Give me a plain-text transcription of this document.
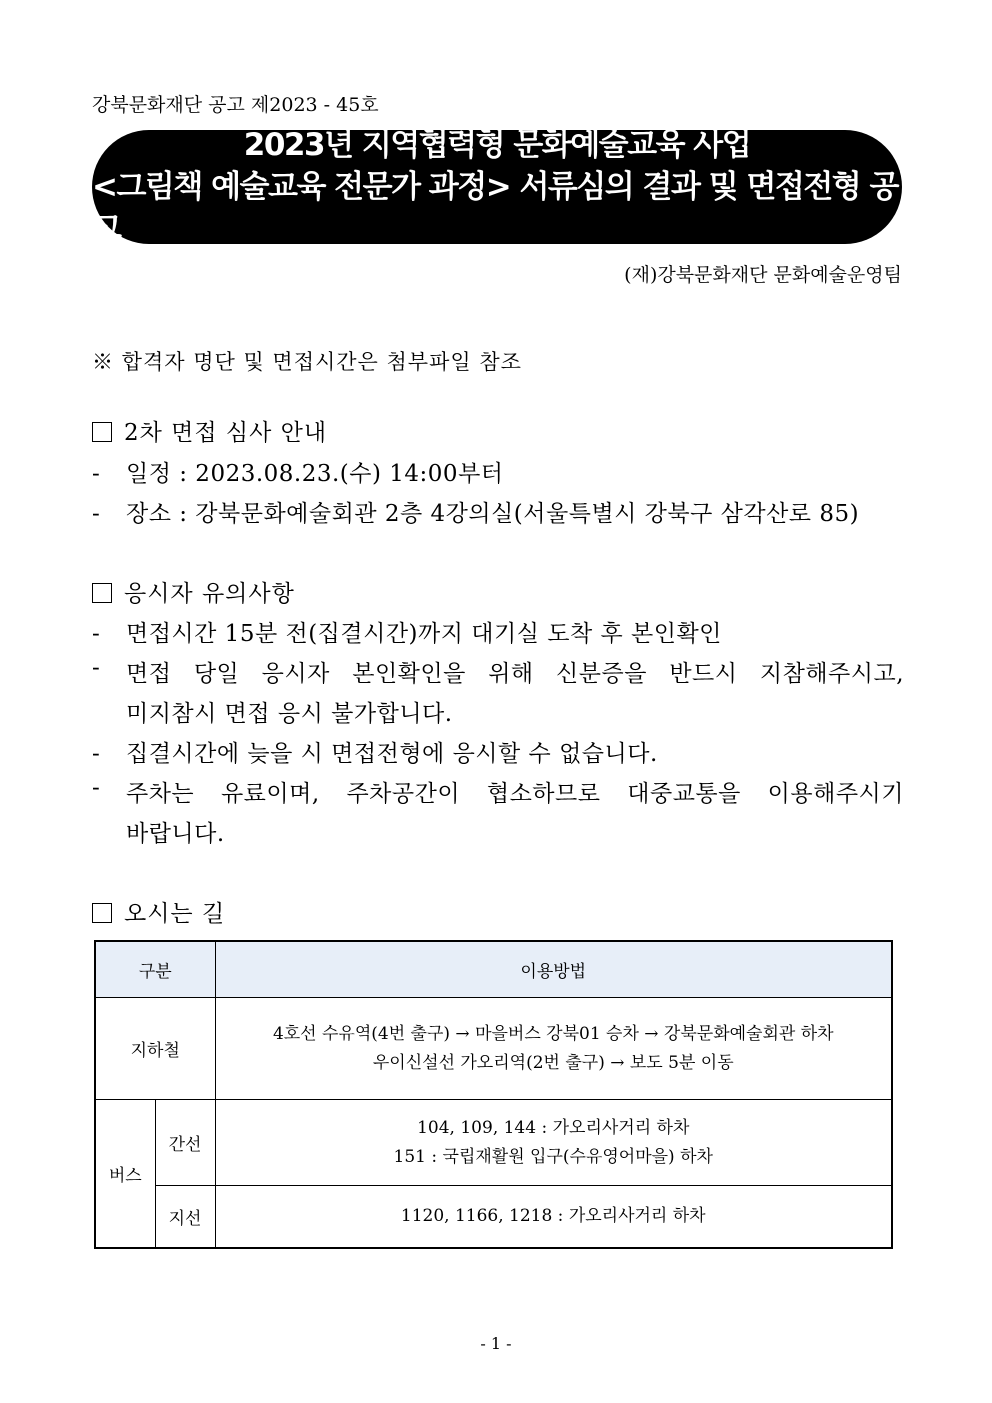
강북문화재단 공고 제2023 - 45호
2023년 지역협력형 문화예술교육 사업
<그림책 예술교육 전문가 과정> 서류심의 결과 및 면접전형 공고
(재)강북문화재단 문화예술운영팀
※ 합격자 명단 및 면접시간은 첨부파일 참조
2차 면접 심사 안내
- 일정 : 2023.08.23.(수) 14:00부터
- 장소 : 강북문화예술회관 2층 4강의실(서울특별시 강북구 삼각산로 85)
응시자 유의사항
- 면접시간 15분 전(집결시간)까지 대기실 도착 후 본인확인
-	면접 당일 응시자 본인확인을 위해 신분증을 반드시 지참해주시고,
미지참시 면접 응시 불가합니다.
- 집결시간에 늦을 시 면접전형에 응시할 수 없습니다.
-	주차는 유료이며, 주차공간이 협소하므로 대중교통을 이용해주시기
바랍니다.
오시는 길
구분		이용방법
지하철		4호선 수유역(4번 출구) → 마을버스 강북01 승차 → 강북문화예술회관 하차
우이신설선 가오리역(2번 출구) → 보도 5분 이동

버스	간선	104, 109, 144 : 가오리사거리 하차
151 : 국립재활원 입구(수유영어마을) 하차

	지선	1120, 1166, 1218 : 가오리사거리 하차
- 1 -
